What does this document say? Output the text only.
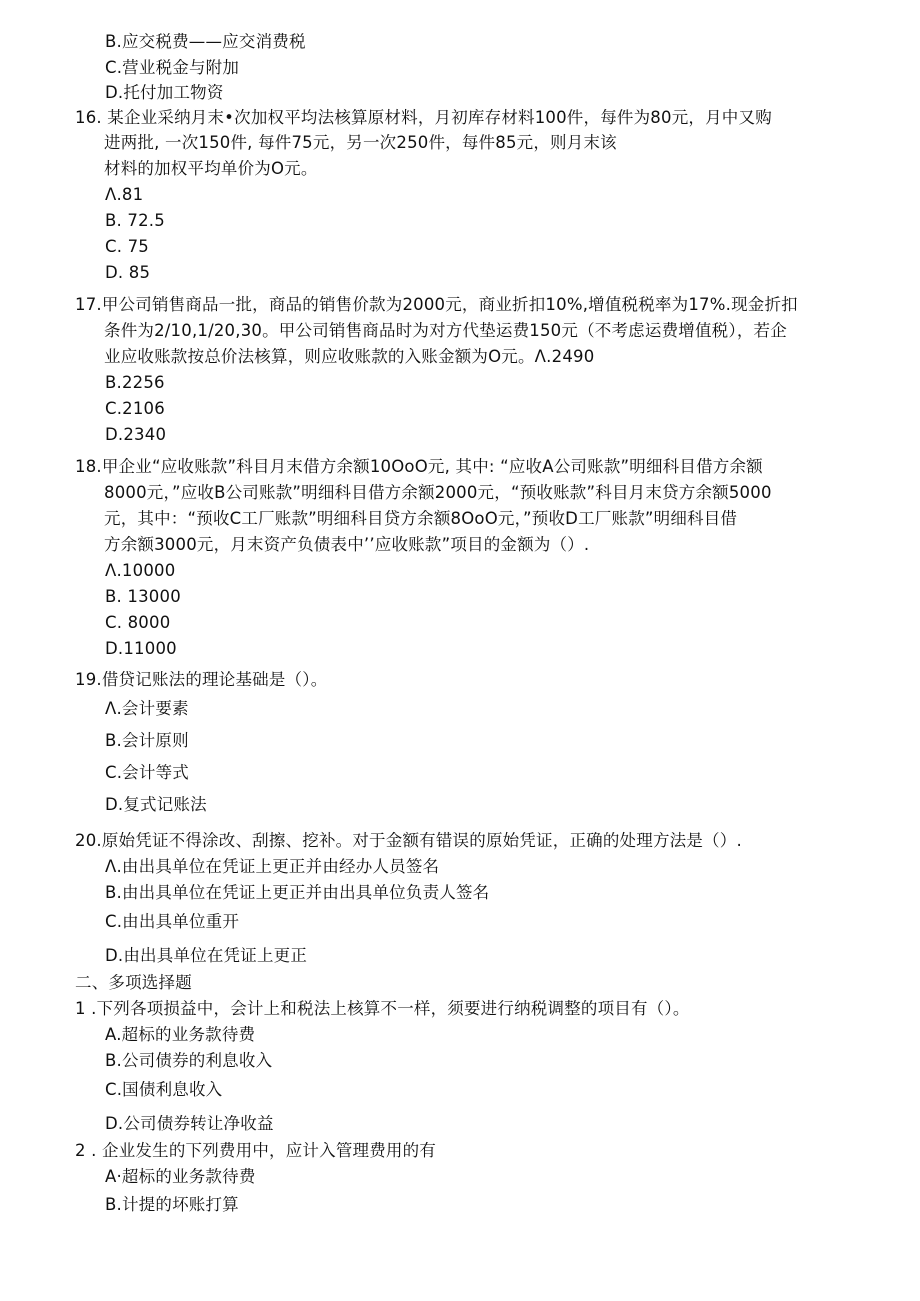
B.应交税费——应交消费税
C.营业税金与附加
D.托付加工物资
16. 某企业采纳月末•次加权平均法核算原材料，月初库存材料100件，每件为80元，月中又购
进两批, 一次150件, 每件75元，另一次250件，每件85元，则月末该
材料的加权平均单价为O元。
Λ.81
B. 72.5
C. 75
D. 85
17.甲公司销售商品一批，商品的销售价款为2000元，商业折扣10%,增值税税率为17%.现金折扣
条件为2/10,1/20,30。甲公司销售商品时为对方代垫运费150元（不考虑运费增值税），若企
业应收账款按总价法核算，则应收账款的入账金额为O元。Λ.2490
B.2256
C.2106
D.2340
18.甲企业“应收账款”科目月末借方余额10OoO元, 其中: “应收A公司账款”明细科目借方余额
8000元，”应收B公司账款”明细科目借方余额2000元，“预收账款”科目月末贷方余额5000
元，其中：“预收C工厂账款”明细科目贷方余额8OoO元，”预收D工厂账款”明细科目借
方余额3000元，月末资产负债表中’’应收账款”项目的金额为（）.
Λ.10000
B. 13000
C. 8000
D.11000
19.借贷记账法的理论基础是（）。
Λ.会计要素
B.会计原则
C.会计等式
D.复式记账法
20.原始凭证不得涂改、刮擦、挖补。对于金额有错误的原始凭证，正确的处理方法是（）.
Λ.由出具单位在凭证上更正并由经办人员签名
B.由出具单位在凭证上更正并由出具单位负责人签名
C.由出具单位重开
D.由出具单位在凭证上更正
二、多项选择题
1 .下列各项损益中，会计上和税法上核算不一样，须要进行纳税调整的项目有（）。
A.超标的业务款待费
B.公司债券的利息收入
C.国债利息收入
D.公司债券转让净收益
2 . 企业发生的下列费用中，应计入管理费用的有
A·超标的业务款待费
B.计提的坏账打算
